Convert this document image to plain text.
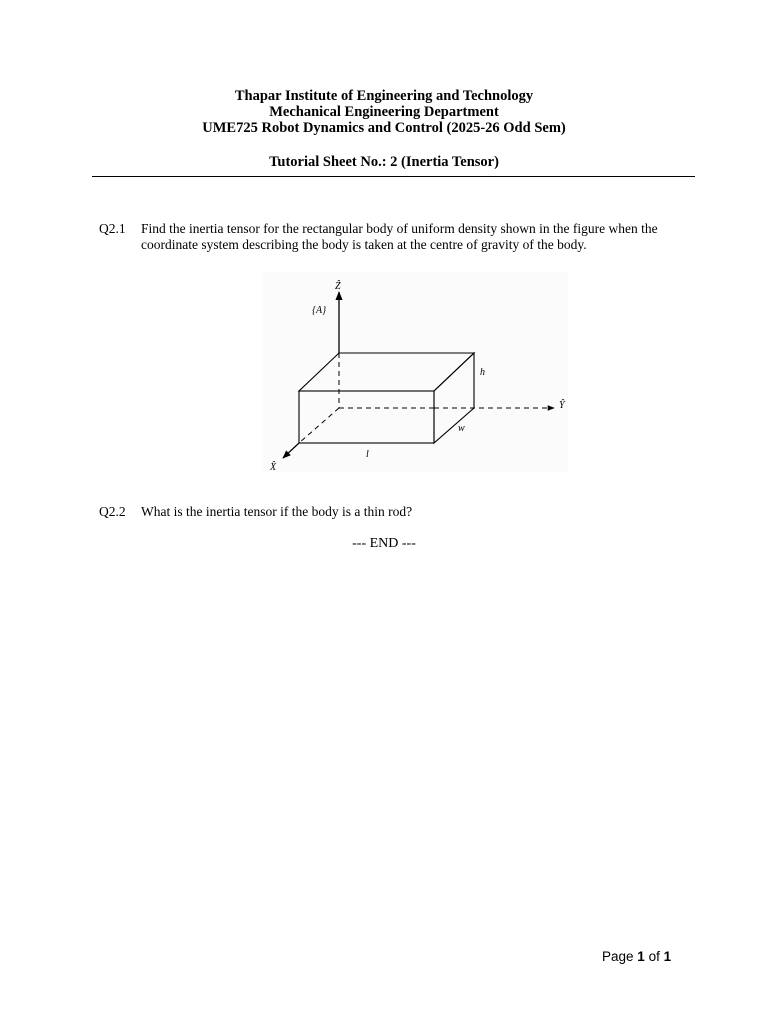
Thapar Institute of Engineering and Technology
Mechanical Engineering Department
UME725 Robot Dynamics and Control (2025-26 Odd Sem)
Tutorial Sheet No.: 2 (Inertia Tensor)
Q2.1 Find the inertia tensor for the rectangular body of uniform density shown in the figure when the coordinate system describing the body is taken at the centre of gravity of the body.
{A}
Ẑ
Ŷ
X̂
h
w
l
Q2.2 What is the inertia tensor if the body is a thin rod?
--- END ---
Page 1 of 1
